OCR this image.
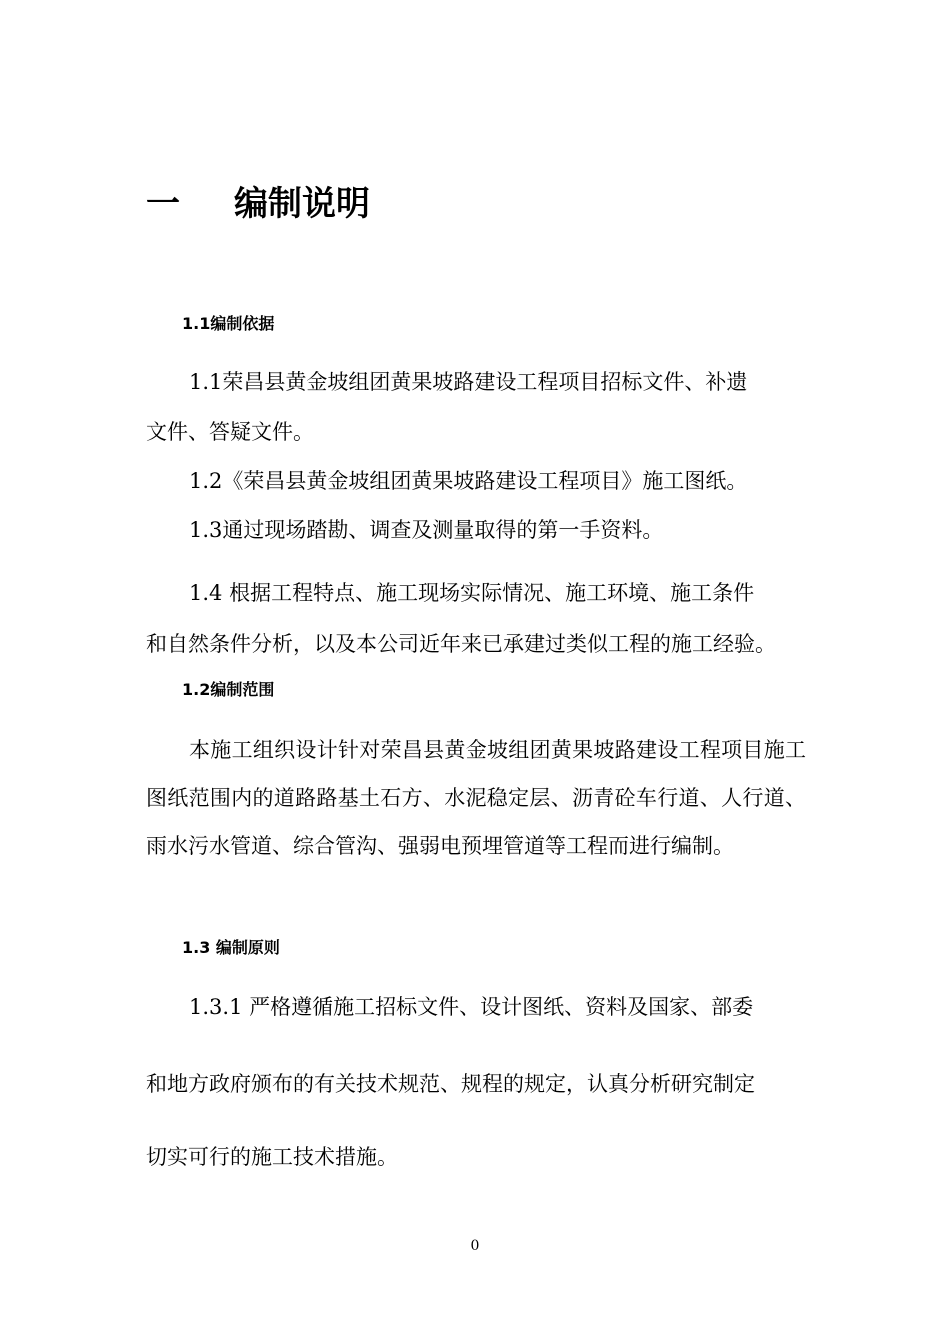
一 编制说明
1.1编制依据
1.1荣昌县黄金坡组团黄果坡路建设工程项目招标文件、补遗
文件、答疑文件。
1.2《荣昌县黄金坡组团黄果坡路建设工程项目》施工图纸。
1.3通过现场踏勘、调查及测量取得的第一手资料。
1.4 根据工程特点、施工现场实际情况、施工环境、施工条件
和自然条件分析，以及本公司近年来已承建过类似工程的施工经验。
1.2编制范围
本施工组织设计针对荣昌县黄金坡组团黄果坡路建设工程项目施工图纸范围内的道路路基土石方、水泥稳定层、沥青砼车行道、人行道、雨水污水管道、综合管沟、强弱电预埋管道等工程而进行编制。
1.3 编制原则
1.3.1 严格遵循施工招标文件、设计图纸、资料及国家、部委
和地方政府颁布的有关技术规范、规程的规定，认真分析研究制定
切实可行的施工技术措施。
0
